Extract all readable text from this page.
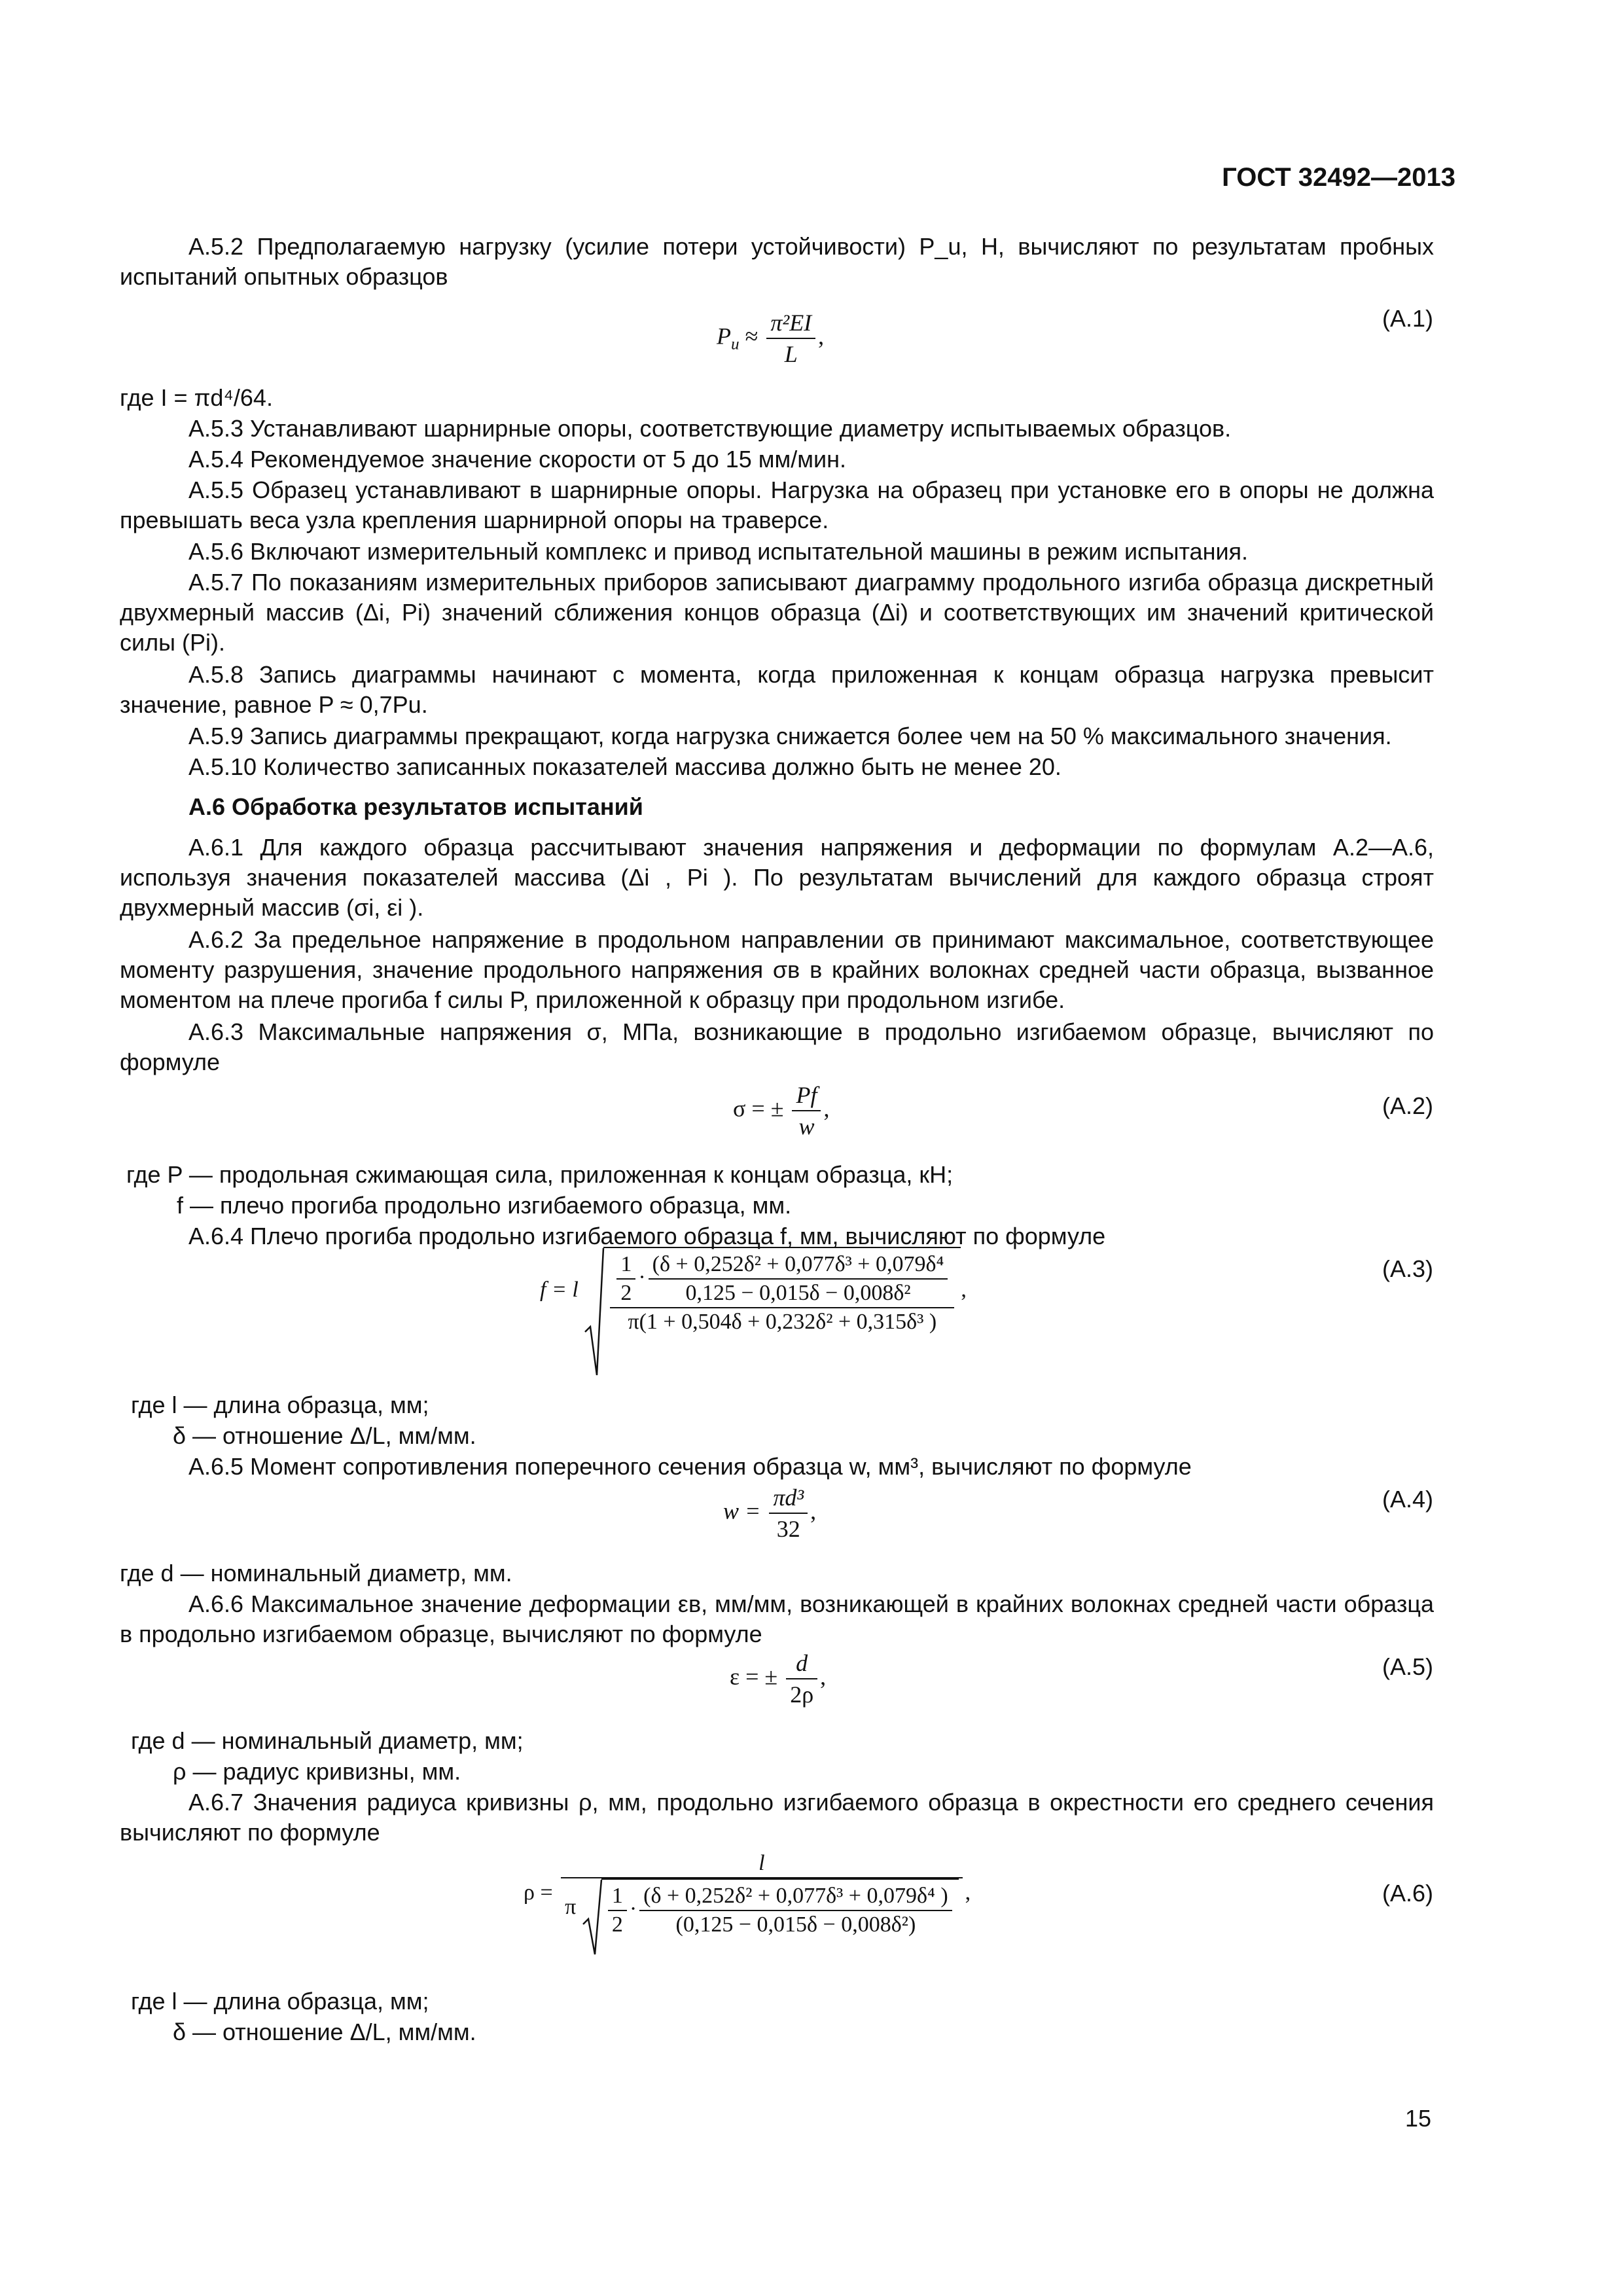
ГОСТ 32492—2013
А.5.2 Предполагаемую нагрузку (усилие потери устойчивости) P_u, Н, вычисляют по результатам пробных испытаний опытных образцов
$P_u \approx \frac{\text{π²EI}}{L}$ ,
(А.1)
где I = πd⁴/64.
А.5.3 Устанавливают шарнирные опоры, соответствующие диаметру испытываемых образцов.
А.5.4 Рекомендуемое значение скорости от 5 до 15 мм/мин.
А.5.5 Образец устанавливают в шарнирные опоры. Нагрузка на образец при установке его в опоры не должна превышать веса узла крепления шарнирной опоры на траверсе.
А.5.6 Включают измерительный комплекс и привод испытательной машины в режим испытания.
А.5.7 По показаниям измерительных приборов записывают диаграмму продольного изгиба образца дискретный двухмерный массив (Δi, Pi) значений сближения концов образца (Δi) и соответствующих им значений критической силы (Pi).
А.5.8 Запись диаграммы начинают с момента, когда приложенная к концам образца нагрузка превысит значение, равное P ≈ 0,7Pu.
А.5.9 Запись диаграммы прекращают, когда нагрузка снижается более чем на 50 % максимального значения.
А.5.10 Количество записанных показателей массива должно быть не менее 20.
А.6 Обработка результатов испытаний
А.6.1 Для каждого образца рассчитывают значения напряжения и деформации по формулам А.2—А.6, используя значения показателей массива (Δi , Pi ). По результатам вычислений для каждого образца строят двухмерный массив (σi, εi ).
А.6.2 За предельное напряжение в продольном направлении σв принимают максимальное, соответствующее моменту разрушения, значение продольного напряжения σв в крайних волокнах средней части образца, вызванное моментом на плече прогиба f силы P, приложенной к образцу при продольном изгибе.
А.6.3 Максимальные напряжения σ, МПа, возникающие в продольно изгибаемом образце, вычисляют по формуле
σ = ± $\frac{Pf}{w}$ ,	(А.2)
где P — продольная сжимающая сила, приложенная к концам образца, кН;
f — плечо прогиба продольно изгибаемого образца, мм.
А.6.4 Плечо прогиба продольно изгибаемого образца f, мм, вычисляют по формуле
f = l $\frac{1}{2} \cdot \frac{\text{(δ + 0,252δ² + 0,077δ³ + 0,079δ⁴}}{\text{0,125 − 0,015δ − 0,008δ²}}$
π(1 + 0,504δ + 0,232δ² + 0,315δ³ )
,
(А.3)
где l — длина образца, мм;
δ — отношение Δ/L, мм/мм.
А.6.5 Момент сопротивления поперечного сечения образца w, мм³, вычисляют по формуле
$w = \frac{\text{πd³}}{32}$ ,	(А.4)
где d — номинальный диаметр, мм.
А.6.6 Максимальное значение деформации εв, мм/мм, возникающей в крайних волокнах средней части образца в продольно изгибаемом образце, вычисляют по формуле
ε = ± $\frac{d}{2\rho}$ ,	(А.5)
где d — номинальный диаметр, мм;
ρ — радиус кривизны, мм.
А.6.7 Значения радиуса кривизны ρ, мм, продольно изгибаемого образца в окрестности его среднего сечения вычисляют по формуле
ρ =
l
π $\frac{1}{2} \cdot \frac{\text{(δ + 0,252δ² + 0,077δ³ + 0,079δ⁴ )}}{\text{(0,125 − 0,015δ − 0,008δ²)}}$ ,	(А.6)
где l — длина образца, мм;
δ — отношение Δ/L, мм/мм.
15
